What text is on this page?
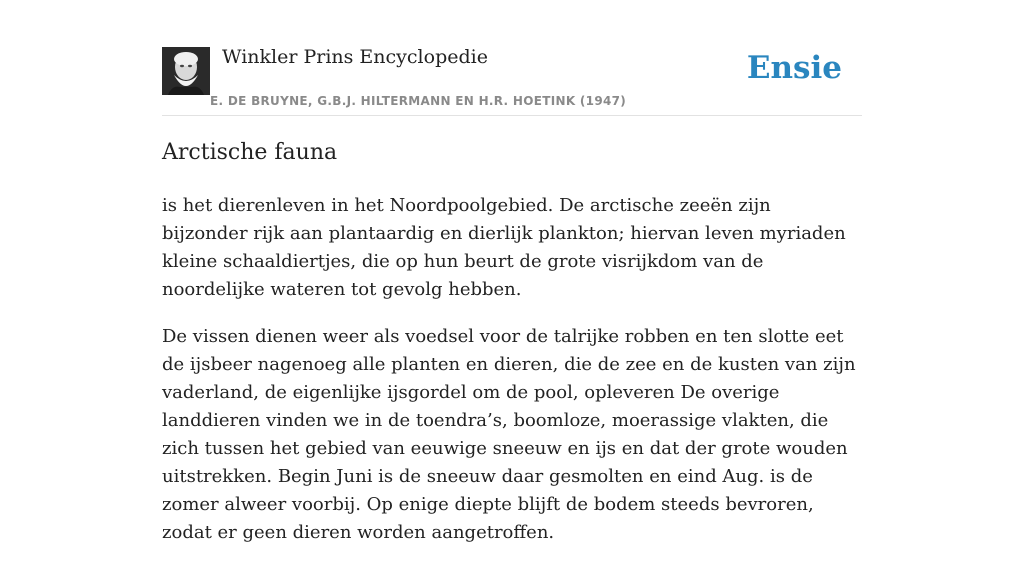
Winkler Prins Encyclopedie
E. DE BRUYNE, G.B.J. HILTERMANN EN H.R. HOETINK (1947)
Ensie
Arctische fauna

is het dierenleven in het Noordpoolgebied. De arctische zeeën zijn bijzonder rijk aan plantaardig en dierlijk plankton; hiervan leven myriaden kleine schaaldiertjes, die op hun beurt de grote visrijkdom van de noordelijke wateren tot gevolg hebben.

De vissen dienen weer als voedsel voor de talrijke robben en ten slotte eet de ijsbeer nagenoeg alle planten en dieren, die de zee en de kusten van zijn vaderland, de eigenlijke ijsgordel om de pool, opleveren De overige landdieren vinden we in de toendra’s, boomloze, moerassige vlakten, die zich tussen het gebied van eeuwige sneeuw en ijs en dat der grote wouden uitstrekken. Begin Juni is de sneeuw daar gesmolten en eind Aug. is de zomer alweer voorbij. Op enige diepte blijft de bodem steeds bevroren, zodat er geen dieren worden aangetroffen.
